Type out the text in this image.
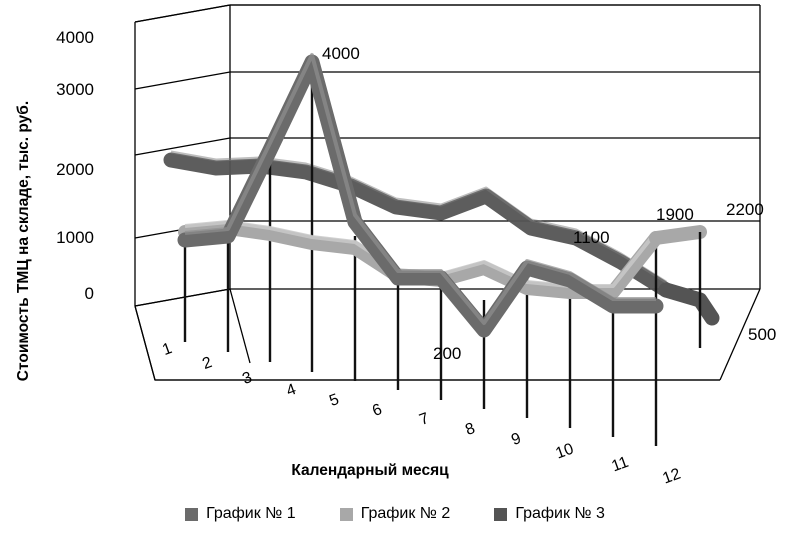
Стоимость ТМЦ на складе, тыс. руб.
Календарный месяц
4000
3000
2000
1000
0
1
2
3
4
5
6 7
8
9
10
11
12
4000
1900 2200
1100
200
500
График № 1	График № 2	График № 3
